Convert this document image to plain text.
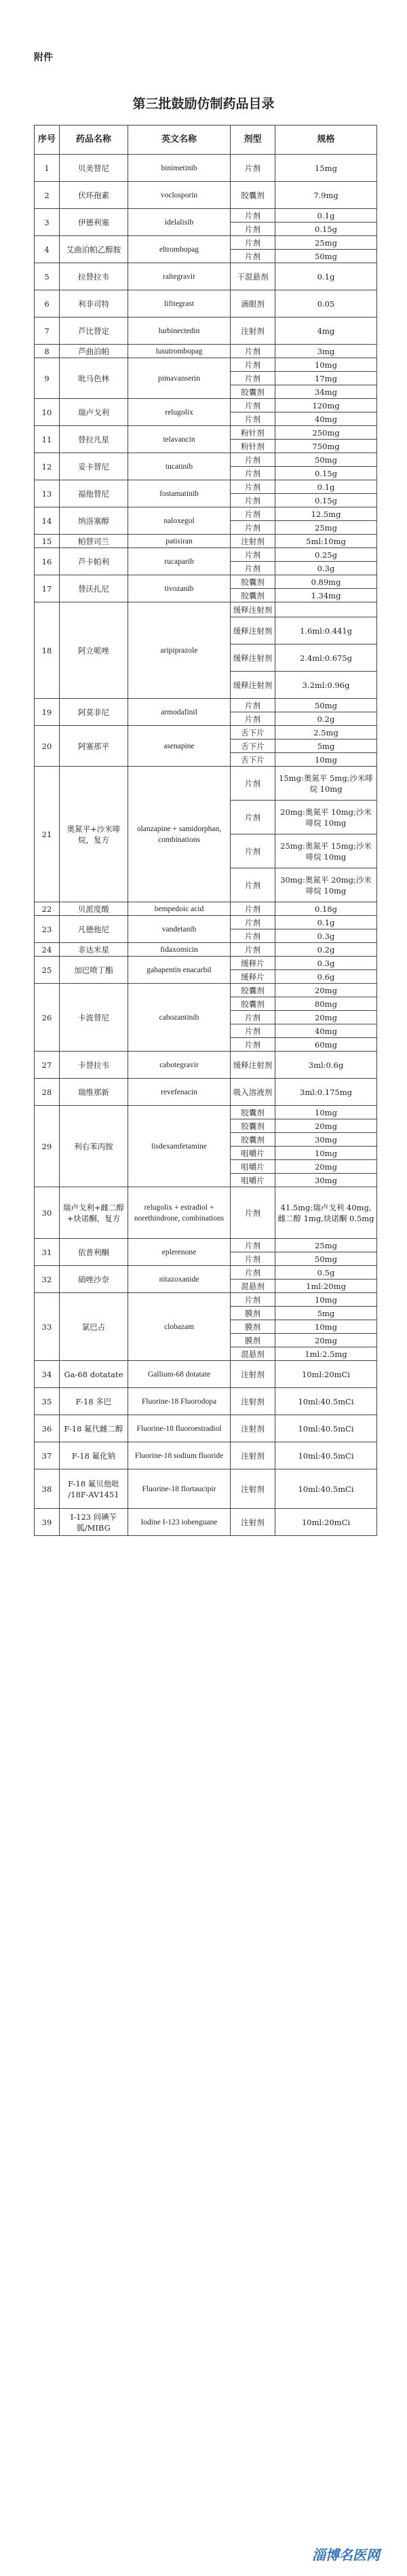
附件
第三批鼓励仿制药品目录
序号	药品名称	英文名称	剂型	规格
1	贝美替尼	binimetinib	片剂	15mg
2	伏环孢素	voclosporin	胶囊剂	7.9mg
3	伊德利塞	idelalisib	片剂	0.1g
			片剂	0.15g
4	艾曲泊帕乙醇胺	eltrombopag	片剂	25mg
			片剂	50mg
5	拉替拉韦	raltegravir	干混悬剂	0.1g
6	利非司特	lifitegrast	滴眼剂	0.05
7	芦比替定	lurbinectedin	注射剂	4mg
8	芦曲泊帕	lusutrombopag	片剂	3mg
9	吡马色林	pimavanserin	片剂	10mg
			片剂	17mg
			胶囊剂	34mg
10	瑞卢戈利	relugolix	片剂	120mg
			片剂	40mg
11	替拉凡星	telavancin	粉针剂	250mg
			粉针剂	750mg
12	妥卡替尼	tucatinib	片剂	50mg
			片剂	0.15g
13	福他替尼	fostamatinib	片剂	0.1g
			片剂	0.15g
14	纳洛塞醇	naloxegol	片剂	12.5mg
			片剂	25mg
15	帕替司兰	patisiran	注射剂	5ml:10mg
16	芦卡帕利	rucaparib	片剂	0.25g
			片剂	0.3g
17	替沃扎尼	tivozanib	胶囊剂	0.89mg
			胶囊剂	1.34mg
18	阿立哌唑	aripiprazole	缓释注射剂	
			缓释注射剂	1.6ml:0.441g
			缓释注射剂	2.4ml:0.675g
			缓释注射剂	3.2ml:0.96g
19	阿莫非尼	armodafinil	片剂	50mg
			片剂	0.2g
20	阿塞那平	asenapine	舌下片	2.5mg
			舌下片	5mg
			舌下片	10mg
21	奥氮平+沙米啡烷，复方	olanzapine + samidorphan, combinations	片剂	15mg:奥氮平 5mg;沙米啡烷 10mg
			片剂	20mg:奥氮平 10mg;沙米啡烷 10mg
			片剂	25mg:奥氮平 15mg;沙米啡烷 10mg
			片剂	30mg:奥氮平 20mg;沙米啡烷 10mg
22	贝派度酸	bempedoic acid	片剂	0.18g
23	凡德他尼	vandetanib	片剂	0.1g
			片剂	0.3g
24	非达米星	fidaxomicin	片剂	0.2g
25	加巴喷丁酯	gabapentin enacarbil	缓释片	0.3g
			缓释片	0.6g
26	卡波替尼	cabozantinib	胶囊剂	20mg
			胶囊剂	80mg
			片剂	20mg
			片剂	40mg
			片剂	60mg
27	卡替拉韦	cabotegravir	缓释注射剂	3ml:0.6g
28	瑞维那新	revefenacin	吸入溶液剂	3ml:0.175mg
29	利右苯丙胺	lisdexamfetamine	胶囊剂	10mg
			胶囊剂	20mg
			胶囊剂	30mg
			咀嚼片	10mg
			咀嚼片	20mg
			咀嚼片	30mg
30	瑞卢戈利+雌二醇+炔诺酮，复方	relugolix + estradiol + norethindrone, combinations	片剂	41.5mg:瑞卢戈利 40mg,雌二醇 1mg,炔诺酮 0.5mg
31	依普利酮	eplerenone	片剂	25mg
			片剂	50mg
32	硝唑沙奈	nitazoxanide	片剂	0.5g
			混悬剂	1ml:20mg
33	氯巴占	clobazam	片剂	10mg
			膜剂	5mg
			膜剂	10mg
			膜剂	20mg
			混悬剂	1ml:2.5mg
34	Ga-68 dotatate	Gallium-68 dotatate	注射剂	10ml:20mCi
35	F-18 多巴	Fluorine-18 Fluorodopa	注射剂	10ml:40.5mCi
36	F-18 氟代雌二醇	Fluorine-18 fluoroestradiol	注射剂	10ml:40.5mCi
37	F-18 氟化钠	Fluorine-18 sodium fluoride	注射剂	10ml:40.5mCi
38	F-18 氟贝他吡 /18F-AV1451	Fluorine-18 flortaucipir	注射剂	10ml:40.5mCi
39	I-123 间碘苄胍/MIBG	Iodine I-123 iobenguane	注射剂	10ml:20mCi
淄博名医网
